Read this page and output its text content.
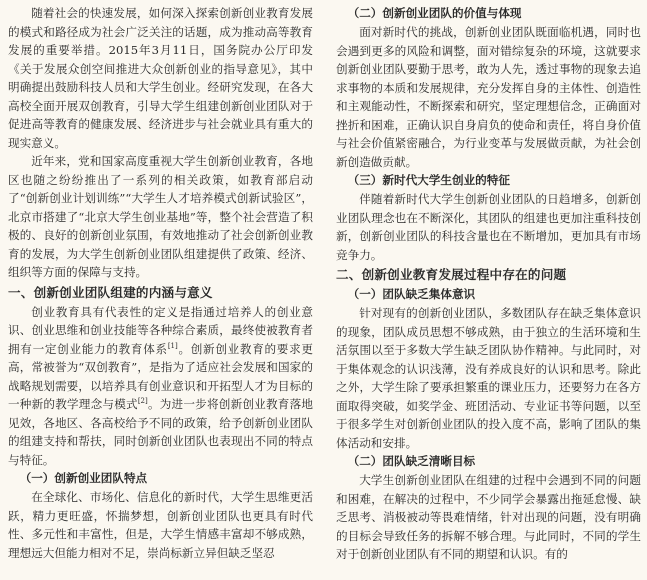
随着社会的快速发展，如何深入探索创新创业教育发展的模式和路径成为社会广泛关注的话题，成为推动高等教育发展的重要举措。2015年3月11日，国务院办公厅印发《关于发展众创空间推进大众创新创业的指导意见》，其中明确提出鼓励科技人员和大学生创业。经研究发现，在各大高校全面开展双创教育，引导大学生组建创新创业团队对于促进高等教育的健康发展、经济进步与社会就业具有重大的现实意义。

近年来，党和国家高度重视大学生创新创业教育，各地区也随之纷纷推出了一系列的相关政策，如教育部启动了“创新创业计划训练”“大学生人才培养模式创新试验区”，北京市搭建了“北京大学生创业基地”等，整个社会营造了积极的、良好的创新创业氛围，有效地推动了社会创新创业教育的发展，为大学生创新创业团队组建提供了政策、经济、组织等方面的保障与支持。

一、创新创业团队组建的内涵与意义

创业教育具有代表性的定义是指通过培养人的创业意识、创业思维和创业技能等各种综合素质，最终使被教育者拥有一定创业能力的教育体系[1]。创新创业教育的要求更高，常被誉为“双创教育”，是指为了适应社会发展和国家的战略规划需要，以培养具有创业意识和开拓型人才为目标的一种新的教学理念与模式[2]。为进一步将创新创业教育落地见效，各地区、各高校给予不同的政策，给予创新创业团队的组建支持和帮扶，同时创新创业团队也表现出不同的特点与特征。

（一）创新创业团队特点

在全球化、市场化、信息化的新时代，大学生思维更活跃，精力更旺盛，怀揣梦想，创新创业团队也更具有时代性、多元性和丰富性，但是，大学生情感丰富却不够成熟，理想远大但能力相对不足，崇尚标新立异但缺乏坚忍

（二）创新创业团队的价值与体现

面对新时代的挑战，创新创业团队既面临机遇，同时也会遇到更多的风险和调整，面对错综复杂的环境，这就要求创新创业团队要勤于思考，敢为人先，透过事物的现象去追求事物的本质和发展规律，充分发挥自身的主体性、创造性和主观能动性，不断探索和研究，坚定理想信念，正确面对挫折和困难，正确认识自身肩负的使命和责任，将自身价值与社会价值紧密融合，为行业变革与发展做贡献，为社会创新创造做贡献。

（三）新时代大学生创业的特征

伴随着新时代大学生创新创业团队的日趋增多，创新创业团队理念也在不断深化，其团队的组建也更加注重科技创新，创新创业团队的科技含量也在不断增加，更加具有市场竞争力。

二、创新创业教育发展过程中存在的问题
（一）团队缺乏集体意识

针对现有的创新创业团队，多数团队存在缺乏集体意识的现象，团队成员思想不够成熟，由于独立的生活环境和生活氛围以至于多数大学生缺乏团队协作精神。与此同时，对于集体观念的认识浅薄，没有养成良好的认识和思考。除此之外，大学生除了要承担繁重的课业压力，还要努力在各方面取得突破，如奖学金、班团活动、专业证书等问题，以至于很多学生对创新创业团队的投入度不高，影响了团队的集体活动和安排。

（二）团队缺乏清晰目标

大学生创新创业团队在组建的过程中会遇到不同的问题和困难，在解决的过程中，不少同学会暴露出拖延怠慢、缺乏思考、消极被动等畏难情绪，针对出现的问题，没有明确的目标会导致任务的拆解不够合理。与此同时，不同的学生对于创新创业团队有不同的期望和认识。有的
